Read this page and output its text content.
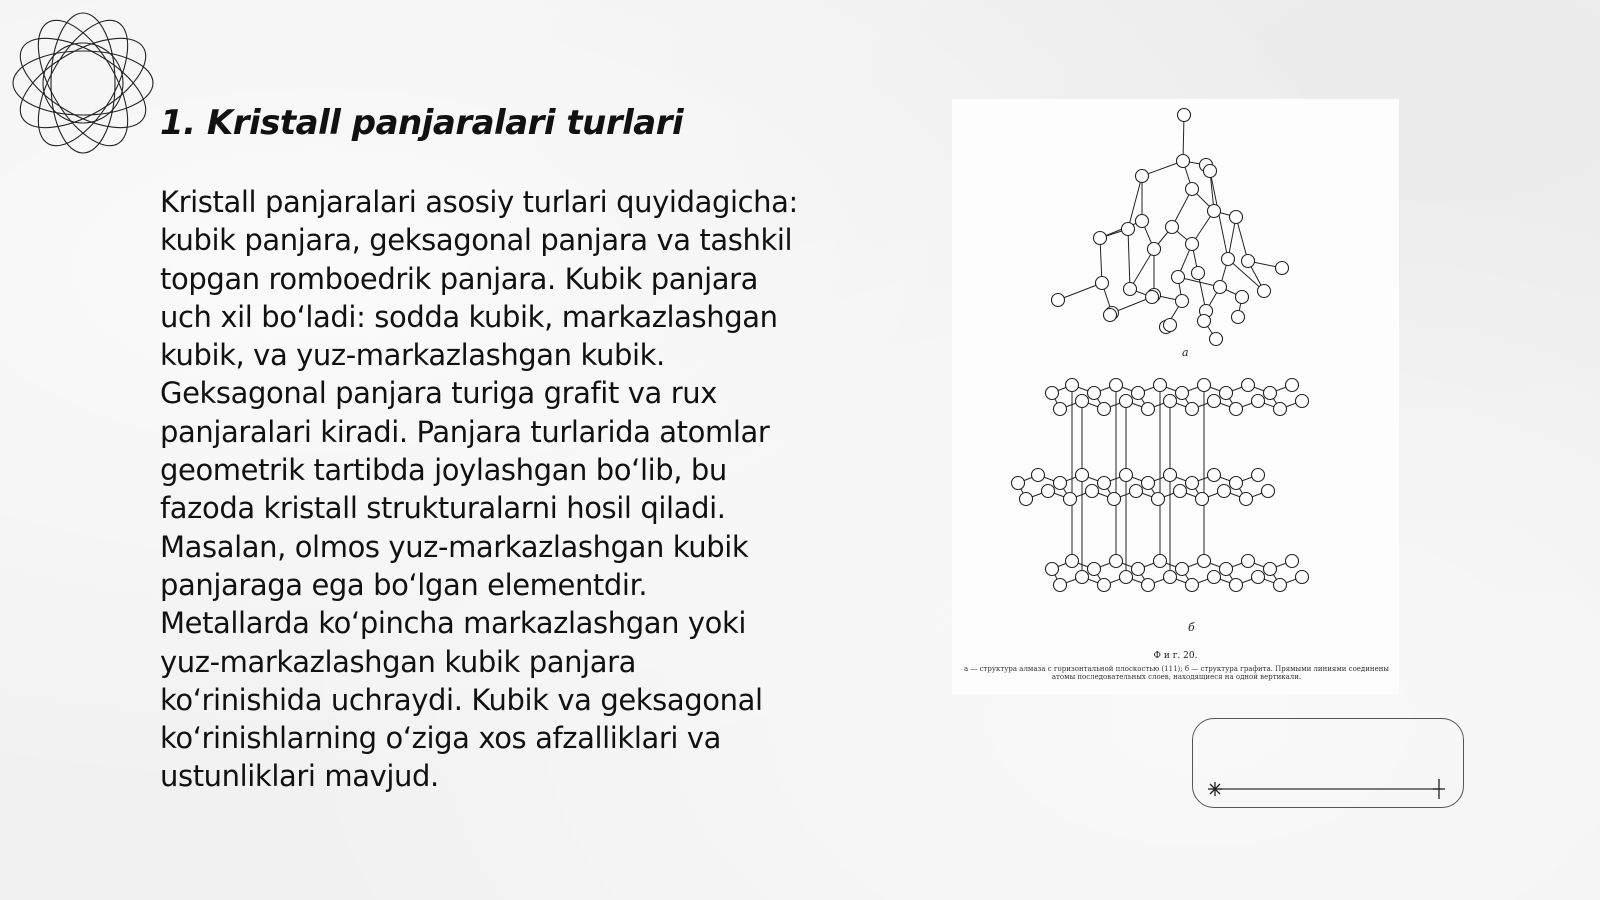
1. Kristall panjaralari turlari

Kristall panjaralari asosiy turlari quyidagicha:
kubik panjara, geksagonal panjara va tashkil
topgan romboedrik panjara. Kubik panjara
uch xil bo‘ladi: sodda kubik, markazlashgan
kubik, va yuz-markazlashgan kubik.
Geksagonal panjara turiga grafit va rux
panjaralari kiradi. Panjara turlarida atomlar
geometrik tartibda joylashgan bo‘lib, bu
fazoda kristall strukturalarni hosil qiladi.
Masalan, olmos yuz-markazlashgan kubik
panjaraga ega bo‘lgan elementdir.
Metallarda ko‘pincha markazlashgan yoki
yuz-markazlashgan kubik panjara
ko‘rinishida uchraydi. Kubik va geksagonal
ko‘rinishlarning o‘ziga xos afzalliklari va
ustunliklari mavjud.

а
б
Ф и г. 20.
а — структура алмаза с горизонтальной плоскостью (111); б — структура графита. Прямыми линиями соединены атомы последовательных слоев, находящиеся на одной вертикали.
